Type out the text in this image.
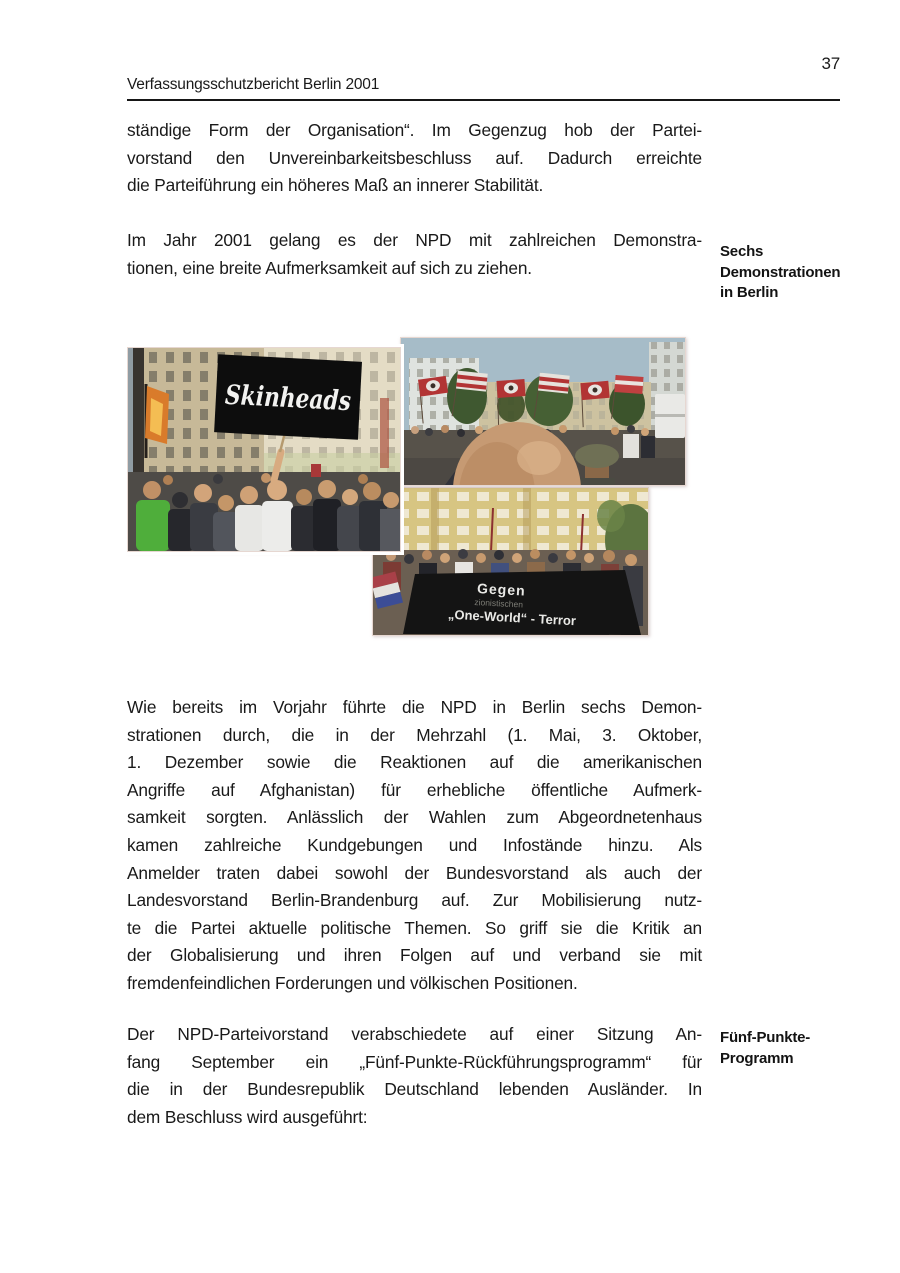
37
Verfassungsschutzbericht Berlin 2001
ständige Form der Organisation“. Im Gegenzug hob der Partei-
vorstand den Unvereinbarkeitsbeschluss auf. Dadurch erreichte
die Parteiführung ein höheres Maß an innerer Stabilität.
Im Jahr 2001 gelang es der NPD mit zahlreichen Demonstra-
tionen, eine breite Aufmerksamkeit auf sich zu ziehen.
Wie bereits im Vorjahr führte die NPD in Berlin sechs Demon-
strationen durch, die in der Mehrzahl (1. Mai, 3. Oktober,
1. Dezember sowie die Reaktionen auf die amerikanischen
Angriffe auf Afghanistan) für erhebliche öffentliche Aufmerk-
samkeit sorgten. Anlässlich der Wahlen zum Abgeordnetenhaus
kamen zahlreiche Kundgebungen und Infostände hinzu. Als
Anmelder traten dabei sowohl der Bundesvorstand als auch der
Landesvorstand Berlin-Brandenburg auf. Zur Mobilisierung nutz-
te die Partei aktuelle politische Themen. So griff sie die Kritik an
der Globalisierung und ihren Folgen auf und verband sie mit
fremdenfeindlichen Forderungen und völkischen Positionen.
Der NPD-Parteivorstand verabschiedete auf einer Sitzung An-
fang September ein „Fünf-Punkte-Rückführungsprogramm“ für
die in der Bundesrepublik Deutschland lebenden Ausländer. In
dem Beschluss wird ausgeführt:
Sechs
Demonstrationen
in Berlin
Fünf-Punkte-
Programm
Skinheads
Gegen
zionistischen
„One-World“ - Terror
